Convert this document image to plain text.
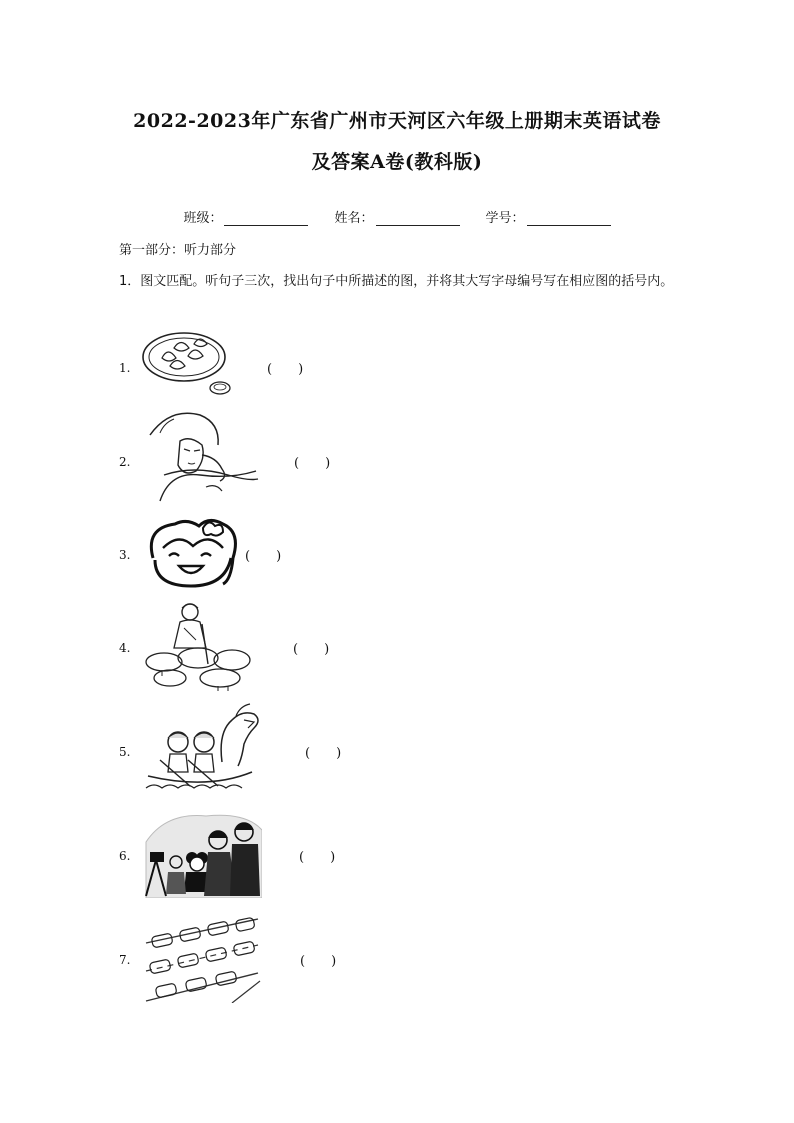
2022-2023年广东省广州市天河区六年级上册期末英语试卷
及答案A卷(教科版)
班级：	姓名：	学号：
第一部分：听力部分
1．图文匹配。听句子三次，找出句子中所描述的图，并将其大写字母编号写在相应图的括号内。
1.	(　　)
2.	(　　)
3.	(　　)
4.	(　　)
5.	(　　)
6.	(　　)
7.	(　　)
